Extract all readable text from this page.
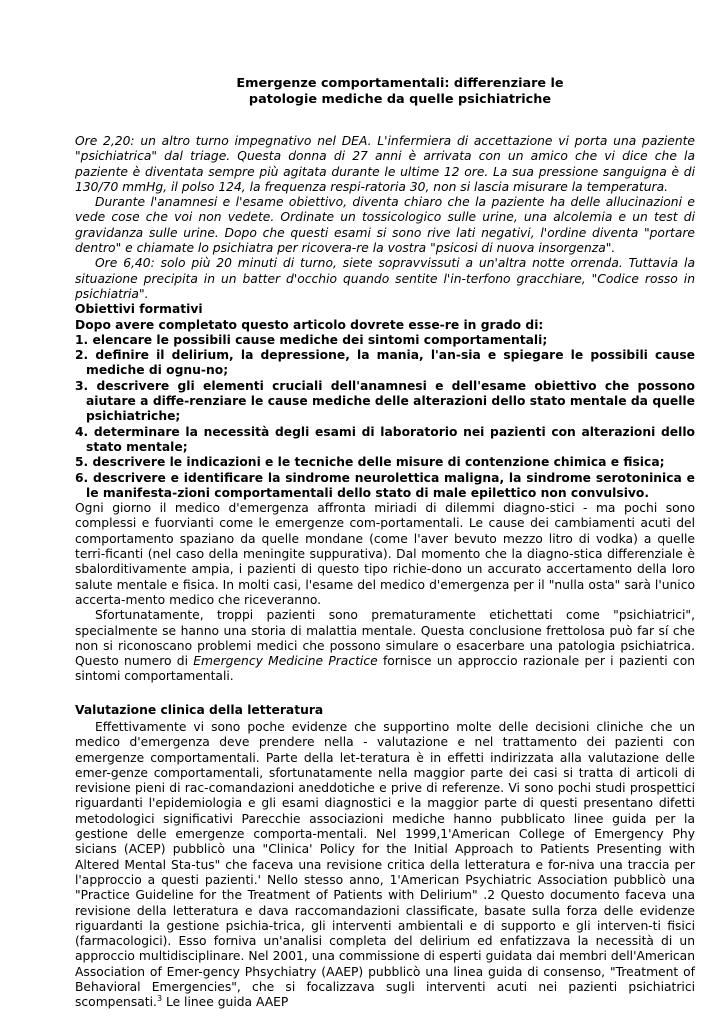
Emergenze comportamentali: differenziare le
patologie mediche da quelle psichiatriche

Ore 2,20: un altro turno impegnativo nel DEA. L'infermiera di accettazione vi porta una paziente "psichiatrica" dal triage. Questa donna di 27 anni è arrivata con un amico che vi dice che la paziente è diventata sempre più agitata durante le ultime 12 ore. La sua pressione sanguigna è di 130/70 mmHg, il polso 124, la frequenza respi-ratoria 30, non si lascia misurare la temperatura.

Durante l'anamnesi e l'esame obiettivo, diventa chiaro che la paziente ha delle allucinazioni e vede cose che voi non vedete. Ordinate un tossicologico sulle urine, una alcolemia e un test di gravidanza sulle urine. Dopo che questi esami si sono rive lati negativi, l'ordine diventa "portare dentro" e chiamate lo psichiatra per ricovera-re la vostra "psicosi di nuova insorgenza".

Ore 6,40: solo più 20 minuti di turno, siete sopravvissuti a un'altra notte orrenda. Tuttavia la situazione precipita in un batter d'occhio quando sentite l'in-terfono gracchiare, "Codice rosso in psichiatria".

Obiettivi formativi

Dopo avere completato questo articolo dovrete esse-re in grado di:

1. elencare le possibili cause mediche dei sintomi comportamentali;

2. definire il delirium, la depressione, la mania, l'an-sia e spiegare le possibili cause mediche di ognu-no;

3. descrivere gli elementi cruciali dell'anamnesi e dell'esame obiettivo che possono aiutare a diffe-renziare le cause mediche delle alterazioni dello stato mentale da quelle psichiatriche;

4. determinare la necessità degli esami di laboratorio nei pazienti con alterazioni dello stato mentale;

5. descrivere le indicazioni e le tecniche delle misure di contenzione chimica e fisica;

6. descrivere e identificare la sindrome neurolettica maligna, la sindrome serotoninica e le manifesta-zioni comportamentali dello stato di male epilettico non convulsivo.

Ogni giorno il medico d'emergenza affronta miriadi di dilemmi diagno-stici - ma pochi sono complessi e fuorvianti come le emergenze com-portamentali. Le cause dei cambiamenti acuti del comportamento spaziano da quelle mondane (come l'aver bevuto mezzo litro di vodka) a quelle terri-ficanti (nel caso della meningite suppurativa). Dal momento che la diagno-stica differenziale è sbalorditivamente ampia, i pazienti di questo tipo richie-dono un accurato accertamento della loro salute mentale e fisica. In molti casi, l'esame del medico d'emergenza per il "nulla osta" sarà l'unico accerta-mento medico che riceveranno.

Sfortunatamente, troppi pazienti sono prematuramente etichettati come "psichiatrici", specialmente se hanno una storia di malattia mentale. Questa conclusione frettolosa può far sí che non si riconoscano problemi medici che possono simulare o esacerbare una patologia psichiatrica. Questo numero di Emergency Medicine Practice fornisce un approccio razionale per i pazienti con sintomi comportamentali.

Valutazione clinica della letteratura

Effettivamente vi sono poche evidenze che supportino molte delle decisioni cliniche che un medico d'emergenza deve prendere nella - valutazione e nel trattamento dei pazienti con emergenze comportamentali. Parte della let-teratura è in effetti indirizzata alla valutazione delle emer-genze comportamentali, sfortunatamente nella maggior parte dei casi si tratta di articoli di revisione pieni di rac-comandazioni aneddotiche e prive di referenze. Vi sono pochi studi prospettici riguardanti l'epidemiologia e gli esami diagnostici e la maggior parte di questi presentano difetti metodologici significativi Parecchie associazioni mediche hanno pubblicato linee guida per la gestione delle emergenze comporta-mentali. Nel 1999,1'American College of Emergency Phy sicians (ACEP) pubblicò una "Clinica' Policy for the Initial Approach to Patients Presenting with Altered Mental Sta-tus" che faceva una revisione critica della letteratura e for-niva una traccia per l'approccio a questi pazienti.' Nello stesso anno, 1'American Psychiatric Association pubblicò una "Practice Guideline for the Treatment of Patients with Delirium" .2 Questo documento faceva una revisione della letteratura e dava raccomandazioni classificate, basate sulla forza delle evidenze riguardanti la gestione psichia-trica, gli interventi ambientali e di supporto e gli interven-ti fisici (farmacologici). Esso forniva un'analisi completa del delirium ed enfatizzava la necessità di un approccio multidisciplinare. Nel 2001, una commissione di esperti guidata dai membri dell'American Association of Emer-gency Phsychiatry (AAEP) pubblicò una linea guida di consenso, "Treatment of Behavioral Emergencies", che si focalizzava sugli interventi acuti nei pazienti psichiatrici scompensati.$^3$ Le linee guida AAEP
